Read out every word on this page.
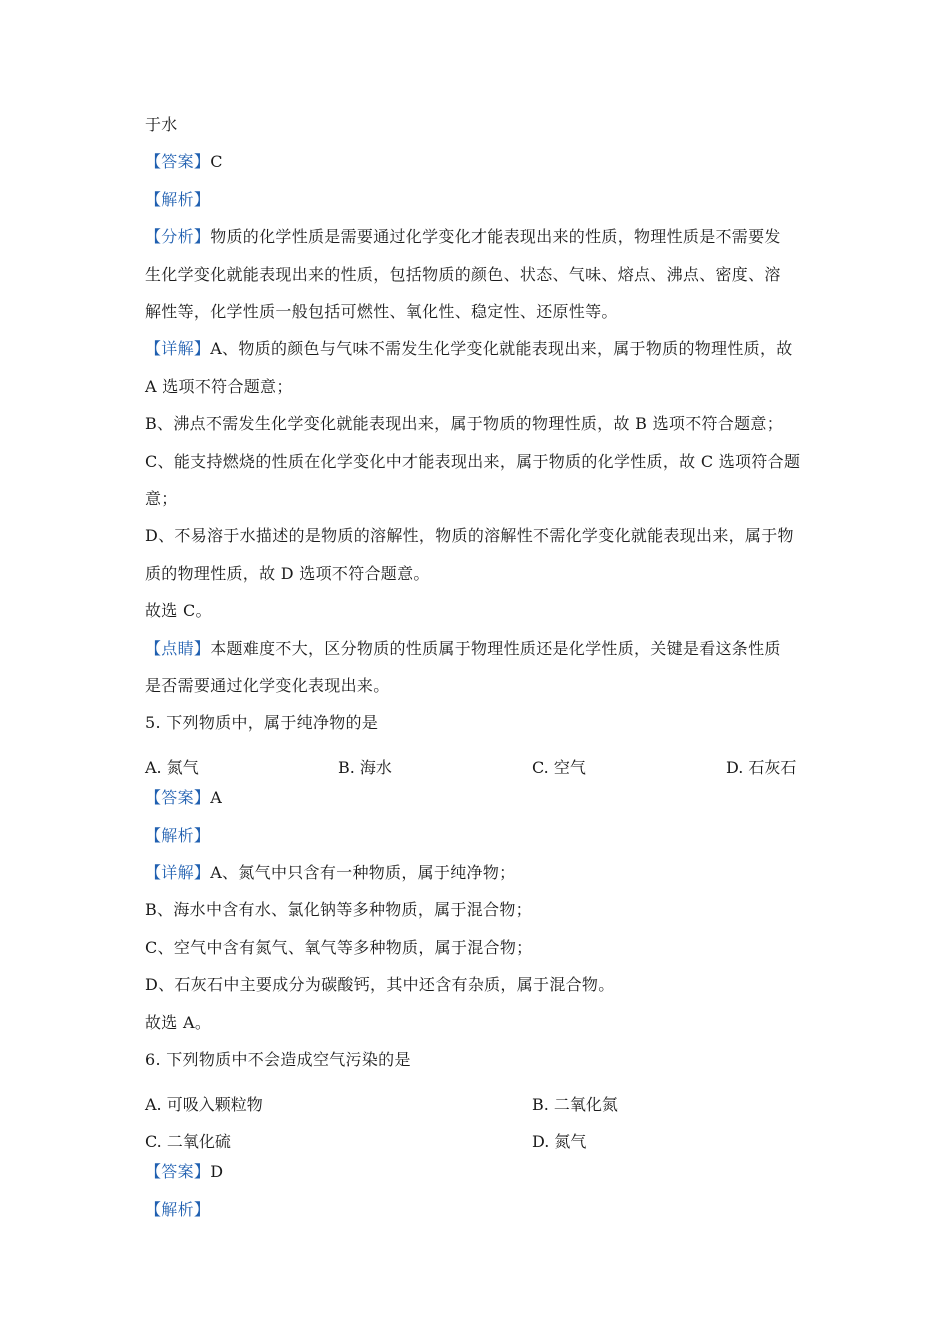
于水
【答案】C
【解析】
【分析】物质的化学性质是需要通过化学变化才能表现出来的性质，物理性质是不需要发
生化学变化就能表现出来的性质，包括物质的颜色、状态、气味、熔点、沸点、密度、溶
解性等，化学性质一般包括可燃性、氧化性、稳定性、还原性等。
【详解】A、物质的颜色与气味不需发生化学变化就能表现出来，属于物质的物理性质，故
A 选项不符合题意；
B、沸点不需发生化学变化就能表现出来，属于物质的物理性质，故 B 选项不符合题意；
C、能支持燃烧的性质在化学变化中才能表现出来，属于物质的化学性质，故 C 选项符合题
意；
D、不易溶于水描述的是物质的溶解性，物质的溶解性不需化学变化就能表现出来，属于物
质的物理性质，故 D 选项不符合题意。
故选 C。
【点睛】本题难度不大，区分物质的性质属于物理性质还是化学性质，关键是看这条性质
是否需要通过化学变化表现出来。
5. 下列物质中，属于纯净物的是
A. 氮气	B. 海水	C. 空气	D. 石灰石
【答案】A
【解析】
【详解】A、氮气中只含有一种物质，属于纯净物；
B、海水中含有水、氯化钠等多种物质，属于混合物；
C、空气中含有氮气、氧气等多种物质，属于混合物；
D、石灰石中主要成分为碳酸钙，其中还含有杂质，属于混合物。
故选 A。
6. 下列物质中不会造成空气污染的是
A. 可吸入颗粒物	B. 二氧化氮
C. 二氧化硫	D. 氮气
【答案】D
【解析】
